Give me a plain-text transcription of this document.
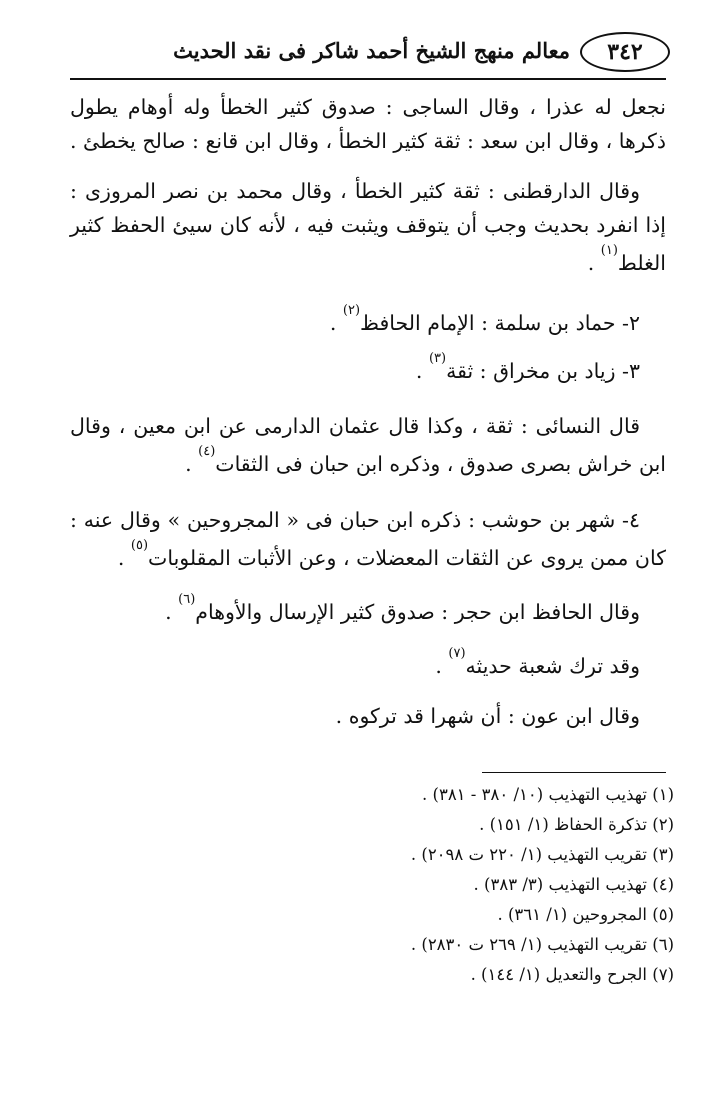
٣٤٢
معالم منهج الشيخ أحمد شاكر فى نقد الحديث

نجعل له عذرا ، وقال الساجى : صدوق كثير الخطأ وله أوهام يطول ذكرها ، وقال ابن سعد : ثقة كثير الخطأ ، وقال ابن قانع : صالح يخطئ .

وقال الدارقطنى : ثقة كثير الخطأ ، وقال محمد بن نصر المروزى : إذا انفرد بحديث وجب أن يتوقف ويثبت فيه ، لأنه كان سيئ الحفظ كثير الغلط$^{(١)}$ .

٢- حماد بن سلمة : الإمام الحافظ$^{(٢)}$ .

٣- زياد بن مخراق : ثقة$^{(٣)}$ .

قال النسائى : ثقة ، وكذا قال عثمان الدارمى عن ابن معين ، وقال ابن خراش بصرى صدوق ، وذكره ابن حبان فى الثقات$^{(٤)}$ .

٤- شهر بن حوشب : ذكره ابن حبان فى « المجروحين » وقال عنه : كان ممن يروى عن الثقات المعضلات ، وعن الأثبات المقلوبات$^{(٥)}$ .

وقال الحافظ ابن حجر : صدوق كثير الإرسال والأوهام$^{(٦)}$ .

وقد ترك شعبة حديثه$^{(٧)}$ .

وقال ابن عون : أن شهرا قد تركوه .

(١) تهذيب التهذيب (١٠/ ٣٨٠ - ٣٨١) .

(٢) تذكرة الحفاظ (١/ ١٥١) .

(٣) تقريب التهذيب (١/ ٢٢٠ ت ٢٠٩٨) .

(٤) تهذيب التهذيب (٣/ ٣٨٣) .

(٥) المجروحين (١/ ٣٦١) .

(٦) تقريب التهذيب (١/ ٢٦٩ ت ٢٨٣٠) .

(٧) الجرح والتعديل (١/ ١٤٤) .
